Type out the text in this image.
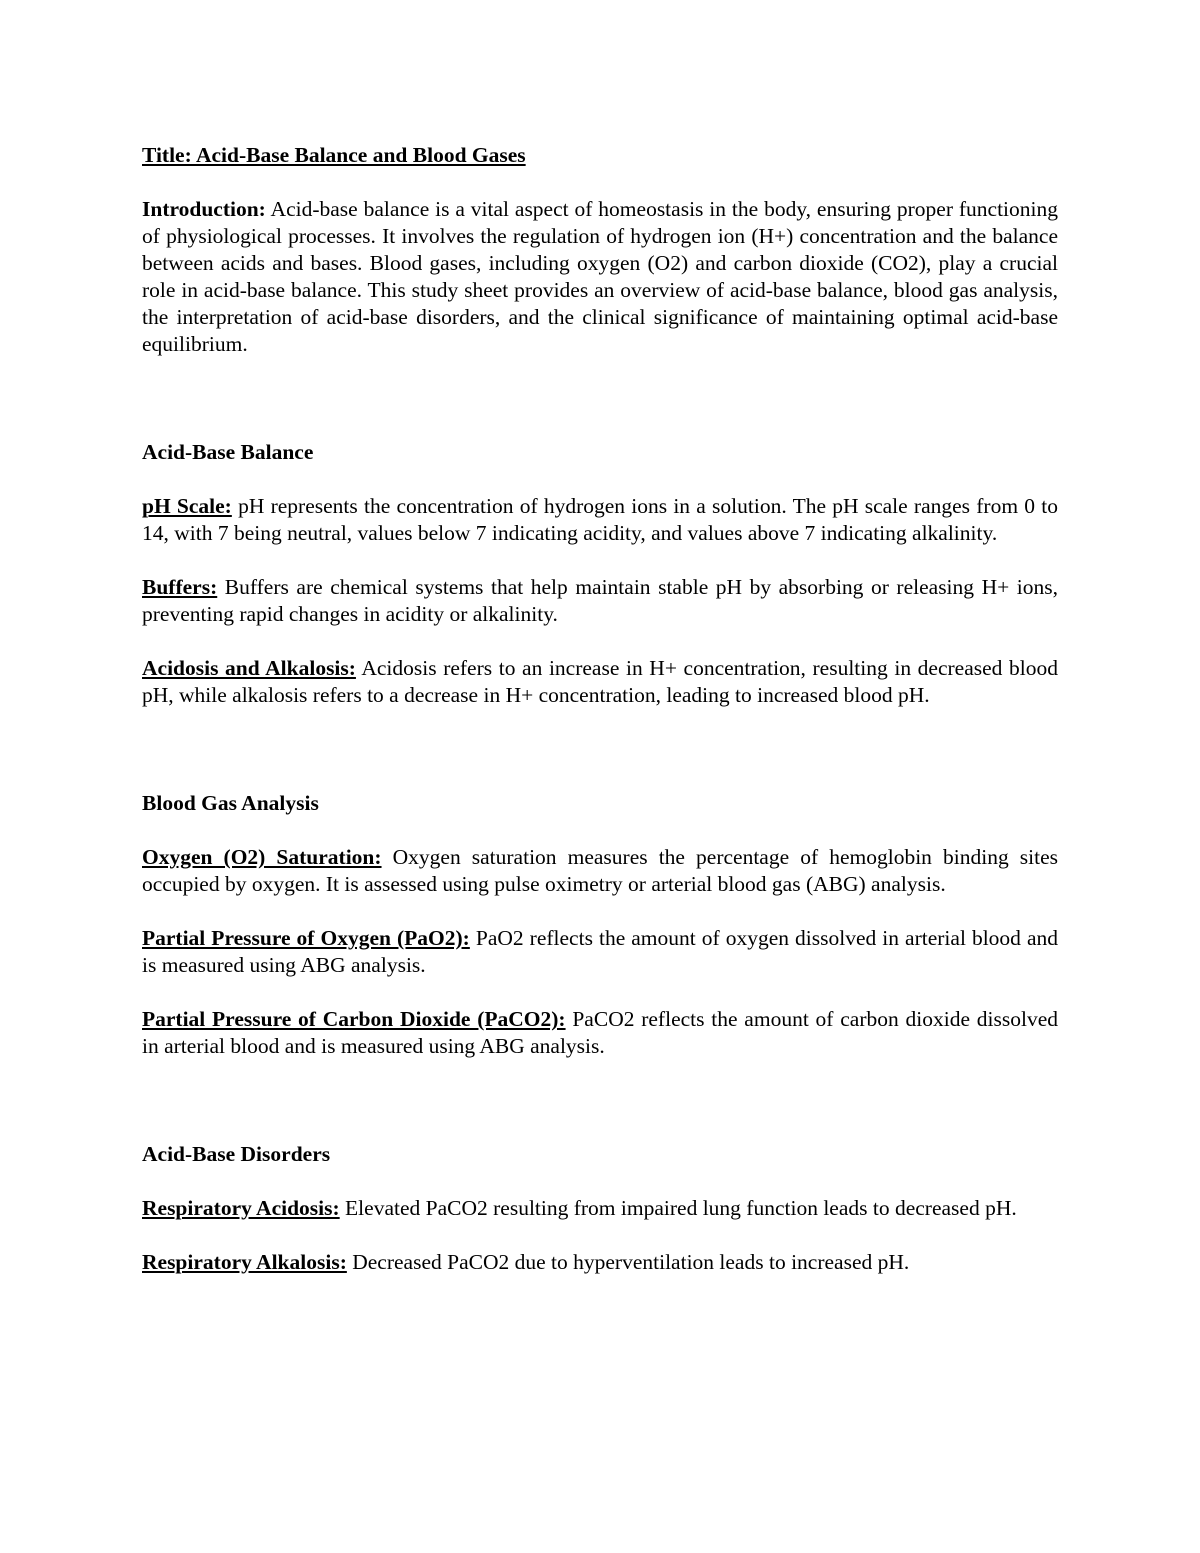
Title: Acid-Base Balance and Blood Gases

Introduction: Acid-base balance is a vital aspect of homeostasis in the body, ensuring proper functioning of physiological processes. It involves the regulation of hydrogen ion (H+) concentration and the balance between acids and bases. Blood gases, including oxygen (O2) and carbon dioxide (CO2), play a crucial role in acid-base balance. This study sheet provides an overview of acid-base balance, blood gas analysis, the interpretation of acid-base disorders, and the clinical significance of maintaining optimal acid-base equilibrium.

Acid-Base Balance

pH Scale: pH represents the concentration of hydrogen ions in a solution. The pH scale ranges from 0 to 14, with 7 being neutral, values below 7 indicating acidity, and values above 7 indicating alkalinity.

Buffers: Buffers are chemical systems that help maintain stable pH by absorbing or releasing H+ ions, preventing rapid changes in acidity or alkalinity.

Acidosis and Alkalosis: Acidosis refers to an increase in H+ concentration, resulting in decreased blood pH, while alkalosis refers to a decrease in H+ concentration, leading to increased blood pH.

Blood Gas Analysis

Oxygen (O2) Saturation: Oxygen saturation measures the percentage of hemoglobin binding sites occupied by oxygen. It is assessed using pulse oximetry or arterial blood gas (ABG) analysis.

Partial Pressure of Oxygen (PaO2): PaO2 reflects the amount of oxygen dissolved in arterial blood and is measured using ABG analysis.

Partial Pressure of Carbon Dioxide (PaCO2): PaCO2 reflects the amount of carbon dioxide dissolved in arterial blood and is measured using ABG analysis.

Acid-Base Disorders

Respiratory Acidosis: Elevated PaCO2 resulting from impaired lung function leads to decreased pH.

Respiratory Alkalosis: Decreased PaCO2 due to hyperventilation leads to increased pH.
